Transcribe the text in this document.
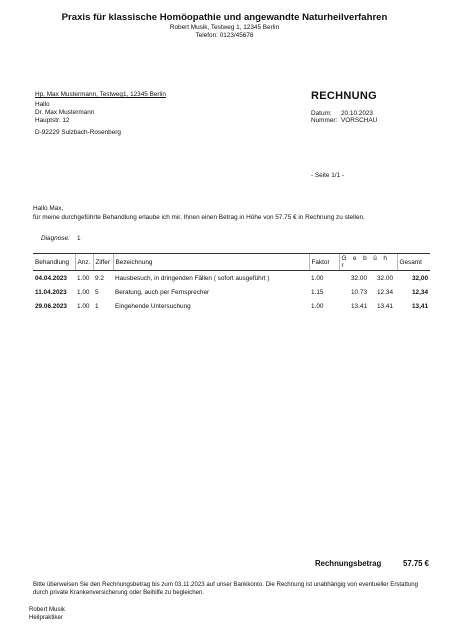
Praxis für klassische Homöopathie und angewandte Naturheilverfahren
Robert Musik, Testweg 1, 12345 Berlin
Telefon: 0123/45678
Hp. Max Mustermann, Testweg1, 12345 Berlin
Hallo
Dr. Max Mustermann
Hauptstr. 12
D-92229 Sulzbach-Rosenberg
RECHNUNG
Datum: 20.10.2023
Nummer: VORSCHAU
- Seite 1/1 -
Hallo Max,
für meine durchgeführte Behandlung erlaube ich mir, Ihnen einen Betrag in Höhe von 57.75 € in Rechnung zu stellen.
Diagnose: 1
Behandlung	Anz.	Ziffer	Bezeichnung	Faktor	G e b ü h r	Gesamt
04.04.2023	1.00	9.2	Hausbesuch, in dringenden Fällen ( sofort ausgeführt )	1.00	32.00 32.00	32,00
11.04.2023	1.00	5	Beratung, auch per Fernsprecher	1.15	10.73 12.34	12,34
29.06.2023	1.00	1	Eingehende Untersuchung	1.00	13.41 13.41	13,41
Rechnungsbetrag	57.75 €
Bitte überweisen Sie den Rechnungsbetrag bis zum 03.11.2023 auf unser Bankkonto. Die Rechnung ist unabhängig von eventueller Erstattung durch private Krankenversicherung oder Beihilfe zu begleichen.
Robert Musik
Heilpraktiker
